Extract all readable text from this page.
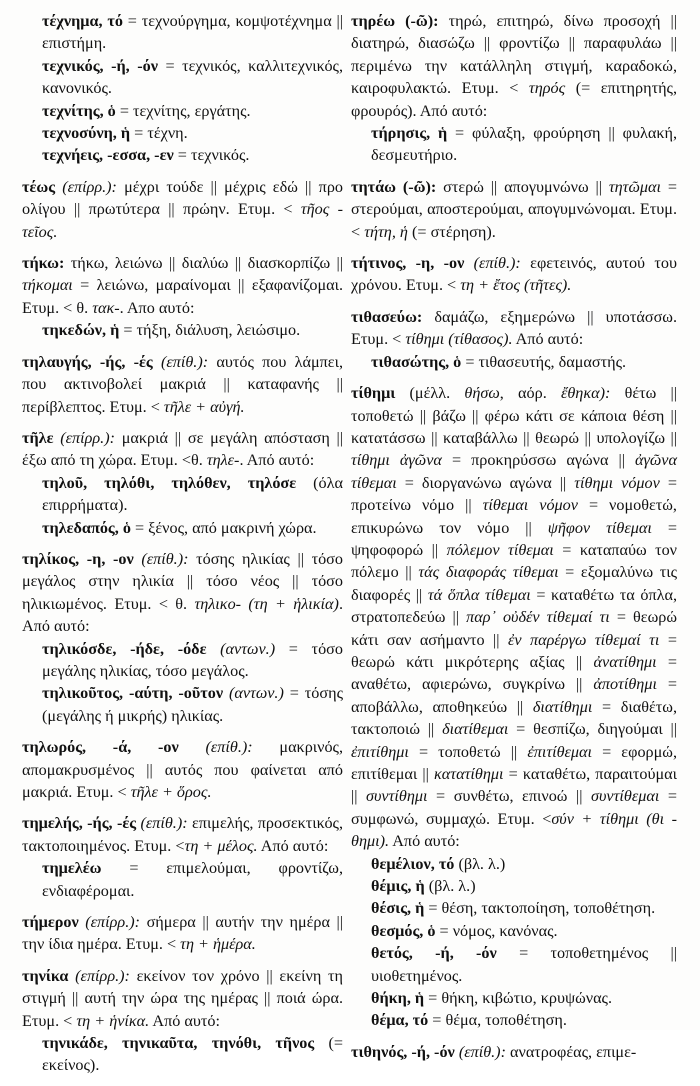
τέχνημα, τό = τεχνούργημα, κομψοτέχνημα || επιστήμη.

τεχνικός, -ή, -όν = τεχνικός, καλλιτεχνικός, κανονικός.

τεχνίτης, ὁ = τεχνίτης, εργάτης.

τεχνοσύνη, ἡ = τέχνη.

τεχνήεις, -εσσα, -εν = τεχνικός.

τέως (επίρρ.): μέχρι τούδε || μέχρις εδώ || προ ολίγου || πρωτύτερα || πρώην. Ετυμ. < τῆος - τεῖος.

τήκω: τήκω, λειώνω || διαλύω || διασκορπίζω || τήκομαι = λειώνω, μαραίνομαι || εξαφανίζομαι. Ετυμ. < θ. τακ-. Απο αυτό:

τηκεδών, ἡ = τήξη, διάλυση, λειώσιμο.

τηλαυγής, -ής, -ές (επίθ.): αυτός που λάμπει, που ακτινοβολεί μακριά || καταφανής || περίβλεπτος. Ετυμ. < τῆλε + αὐγή.

τῆλε (επίρρ.): μακριά || σε μεγάλη απόσταση || έξω από τη χώρα. Ετυμ. <θ. τηλε-. Από αυτό:

τηλοῦ, τηλόθι, τηλόθεν, τηλόσε (όλα επιρρήματα).

τηλεδαπός, ὁ = ξένος, από μακρινή χώρα.

τηλίκος, -η, -ον (επίθ.): τόσης ηλικίας || τόσο μεγάλος στην ηλικία || τόσο νέος || τόσο ηλικιωμένος. Ετυμ. < θ. τηλικο- (τη + ἡλικία). Από αυτό:

τηλικόσδε, -ήδε, -όδε (αντων.) = τόσο μεγάλης ηλικίας, τόσο μεγάλος.

τηλικοῦτος, -αύτη, -οῦτον (αντων.) = τόσης (μεγάλης ή μικρής) ηλικίας.

τηλωρός, -ά, -ον (επίθ.): μακρινός, απομακρυσμένος || αυτός που φαίνεται από μακριά. Ετυμ. < τῆλε + ὅρος.

τημελής, -ής, -ές (επίθ.): επιμελής, προσεκτικός, τακτοποιημένος. Ετυμ. <τη + μέλος. Από αυτό:

τημελέω = επιμελούμαι, φροντίζω, ενδιαφέρομαι.

τήμερον (επίρρ.): σήμερα || αυτήν την ημέρα || την ίδια ημέρα. Ετυμ. < τη + ἡμέρα.

τηνίκα (επίρρ.): εκείνον τον χρόνο || εκείνη τη στιγμή || αυτή την ώρα της ημέρας || ποιά ώρα. Ετυμ. < τη + ἡνίκα. Από αυτό:

τηνικάδε, τηνικαῦτα, τηνόθι, τῆνος (= εκείνος).

τηρέω (-ῶ): τηρώ, επιτηρώ, δίνω προσοχή || διατηρώ, διασώζω || φροντίζω || παραφυλάω || περιμένω την κατάλληλη στιγμή, καραδοκώ, καιροφυλακτώ. Ετυμ. < τηρός (= επιτηρητής, φρουρός). Από αυτό:

τήρησις, ἡ = φύλαξη, φρούρηση || φυλακή, δεσμευτήριο.

τητάω (-ῶ): στερώ || απογυμνώνω || τητῶμαι = στερούμαι, αποστερούμαι, απογυμνώνομαι. Ετυμ. < τήτη, ἡ (= στέρηση).

τήτινος, -η, -ον (επίθ.): εφετεινός, αυτού του χρόνου. Ετυμ. < τη + ἔτος (τῆτες).

τιθασεύω: δαμάζω, εξημερώνω || υποτάσσω. Ετυμ. < τίθημι (τίθασος). Από αυτό:

τιθασώτης, ὁ = τιθασευτής, δαμαστής.

τίθημι (μέλλ. θήσω, αόρ. ἔθηκα): θέτω || τοποθετώ || βάζω || φέρω κάτι σε κάποια θέση || κατατάσσω || καταβάλλω || θεωρώ || υπολογίζω || τίθημι ἀγῶνα = προκηρύσσω αγώνα || ἀγῶνα τίθεμαι = διοργανώνω αγώνα || τίθημι νόμον = προτείνω νόμο || τίθεμαι νόμον = νομοθετώ, επικυρώνω τον νόμο || ψῆφον τίθεμαι = ψηφοφορώ || πόλεμον τίθεμαι = καταπαύω τον πόλεμο || τάς διαφοράς τίθεμαι = εξομαλύνω τις διαφορές || τά ὅπλα τίθεμαι = καταθέτω τα όπλα, στρατοπεδεύω || παρ᾽ οὐδέν τίθεμαί τι = θεωρώ κάτι σαν ασήμαντο || ἐν παρέργω τίθεμαί τι = θεωρώ κάτι μικρότερης αξίας || ἀνατίθημι = αναθέτω, αφιερώνω, συγκρίνω || ἀποτίθημι = αποβάλλω, αποθηκεύω || διατίθημι = διαθέτω, τακτοποιώ || διατίθεμαι = θεσπίζω, διηγούμαι || ἐπιτίθημι = τοποθετώ || ἐπιτίθεμαι = εφορμώ, επιτίθεμαι || κατατίθημι = καταθέτω, παραιτούμαι || συντίθημι = συνθέτω, επινοώ || συντίθεμαι = συμφωνώ, συμμαχώ. Ετυμ. <σύν + τίθημι (θι - θημι). Από αυτό:

θεμέλιον, τό (βλ. λ.)

θέμις, ἡ (βλ. λ.)

θέσις, ἡ = θέση, τακτοποίηση, τοποθέτηση.

θεσμός, ὁ = νόμος, κανόνας.

θετός, -ή, -όν = τοποθετημένος || υιοθετημένος.

θήκη, ἡ = θήκη, κιβώτιο, κρυψώνας.

θέμα, τό = θέμα, τοποθέτηση.

τιθηνός, -ή, -όν (επίθ.): ανατροφέας, επιμε-
